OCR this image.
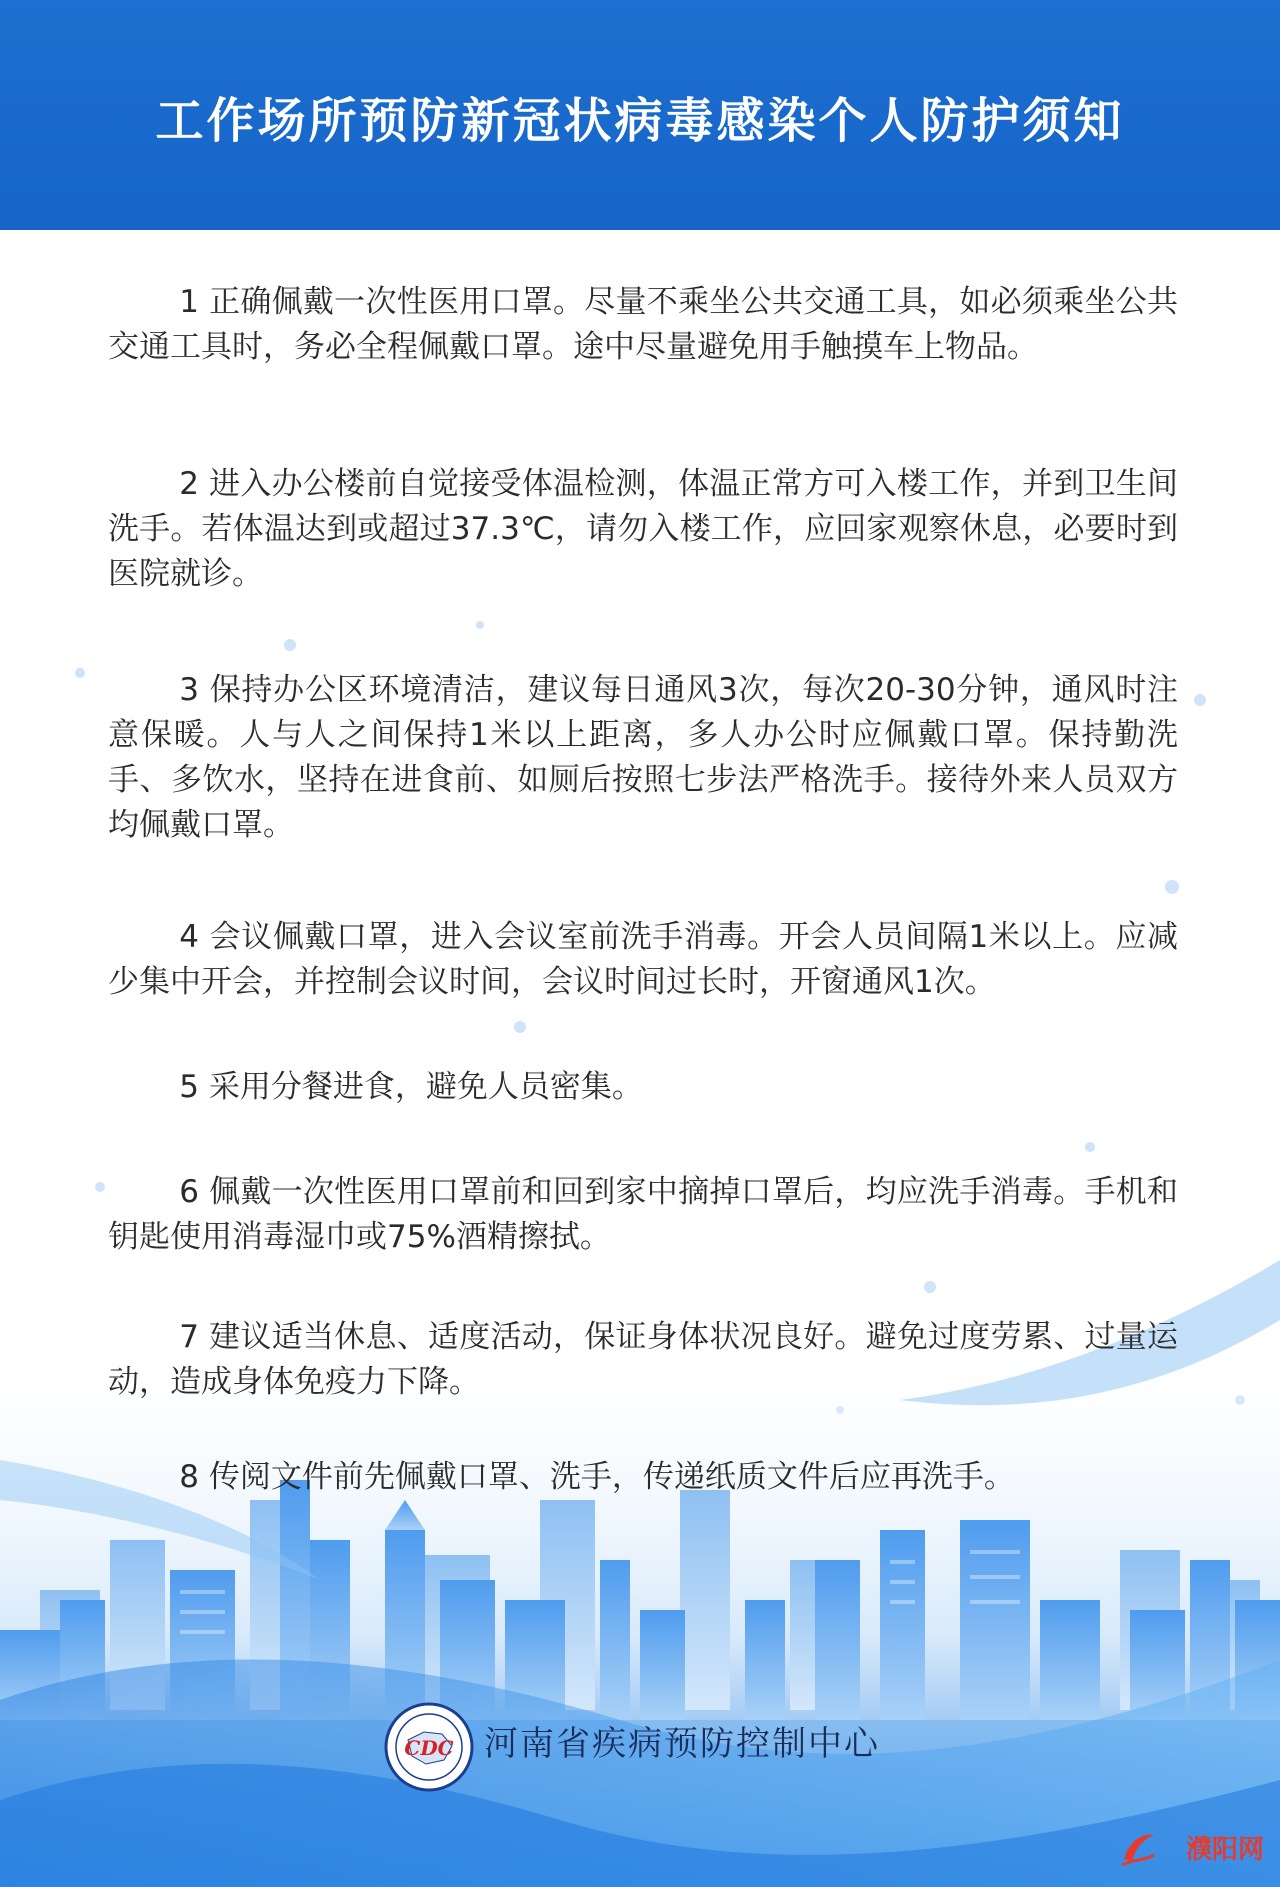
工作场所预防新冠状病毒感染个人防护须知
1 正确佩戴一次性医用口罩。尽量不乘坐公共交通工具，如必须乘坐公共交通工具时，务必全程佩戴口罩。途中尽量避免用手触摸车上物品。
2 进入办公楼前自觉接受体温检测，体温正常方可入楼工作，并到卫生间洗手。若体温达到或超过37.3℃，请勿入楼工作，应回家观察休息，必要时到医院就诊。
3 保持办公区环境清洁，建议每日通风3次，每次20-30分钟，通风时注意保暖。人与人之间保持1米以上距离，多人办公时应佩戴口罩。保持勤洗手、多饮水，坚持在进食前、如厕后按照七步法严格洗手。接待外来人员双方均佩戴口罩。
4 会议佩戴口罩，进入会议室前洗手消毒。开会人员间隔1米以上。应减少集中开会，并控制会议时间，会议时间过长时，开窗通风1次。
5 采用分餐进食，避免人员密集。
6 佩戴一次性医用口罩前和回到家中摘掉口罩后，均应洗手消毒。手机和钥匙使用消毒湿巾或75%酒精擦拭。
7 建议适当休息、适度活动，保证身体状况良好。避免过度劳累、过量运动，造成身体免疫力下降。
8 传阅文件前先佩戴口罩、洗手，传递纸质文件后应再洗手。
CDC 河南省疾病预防控制中心
濮阳网
